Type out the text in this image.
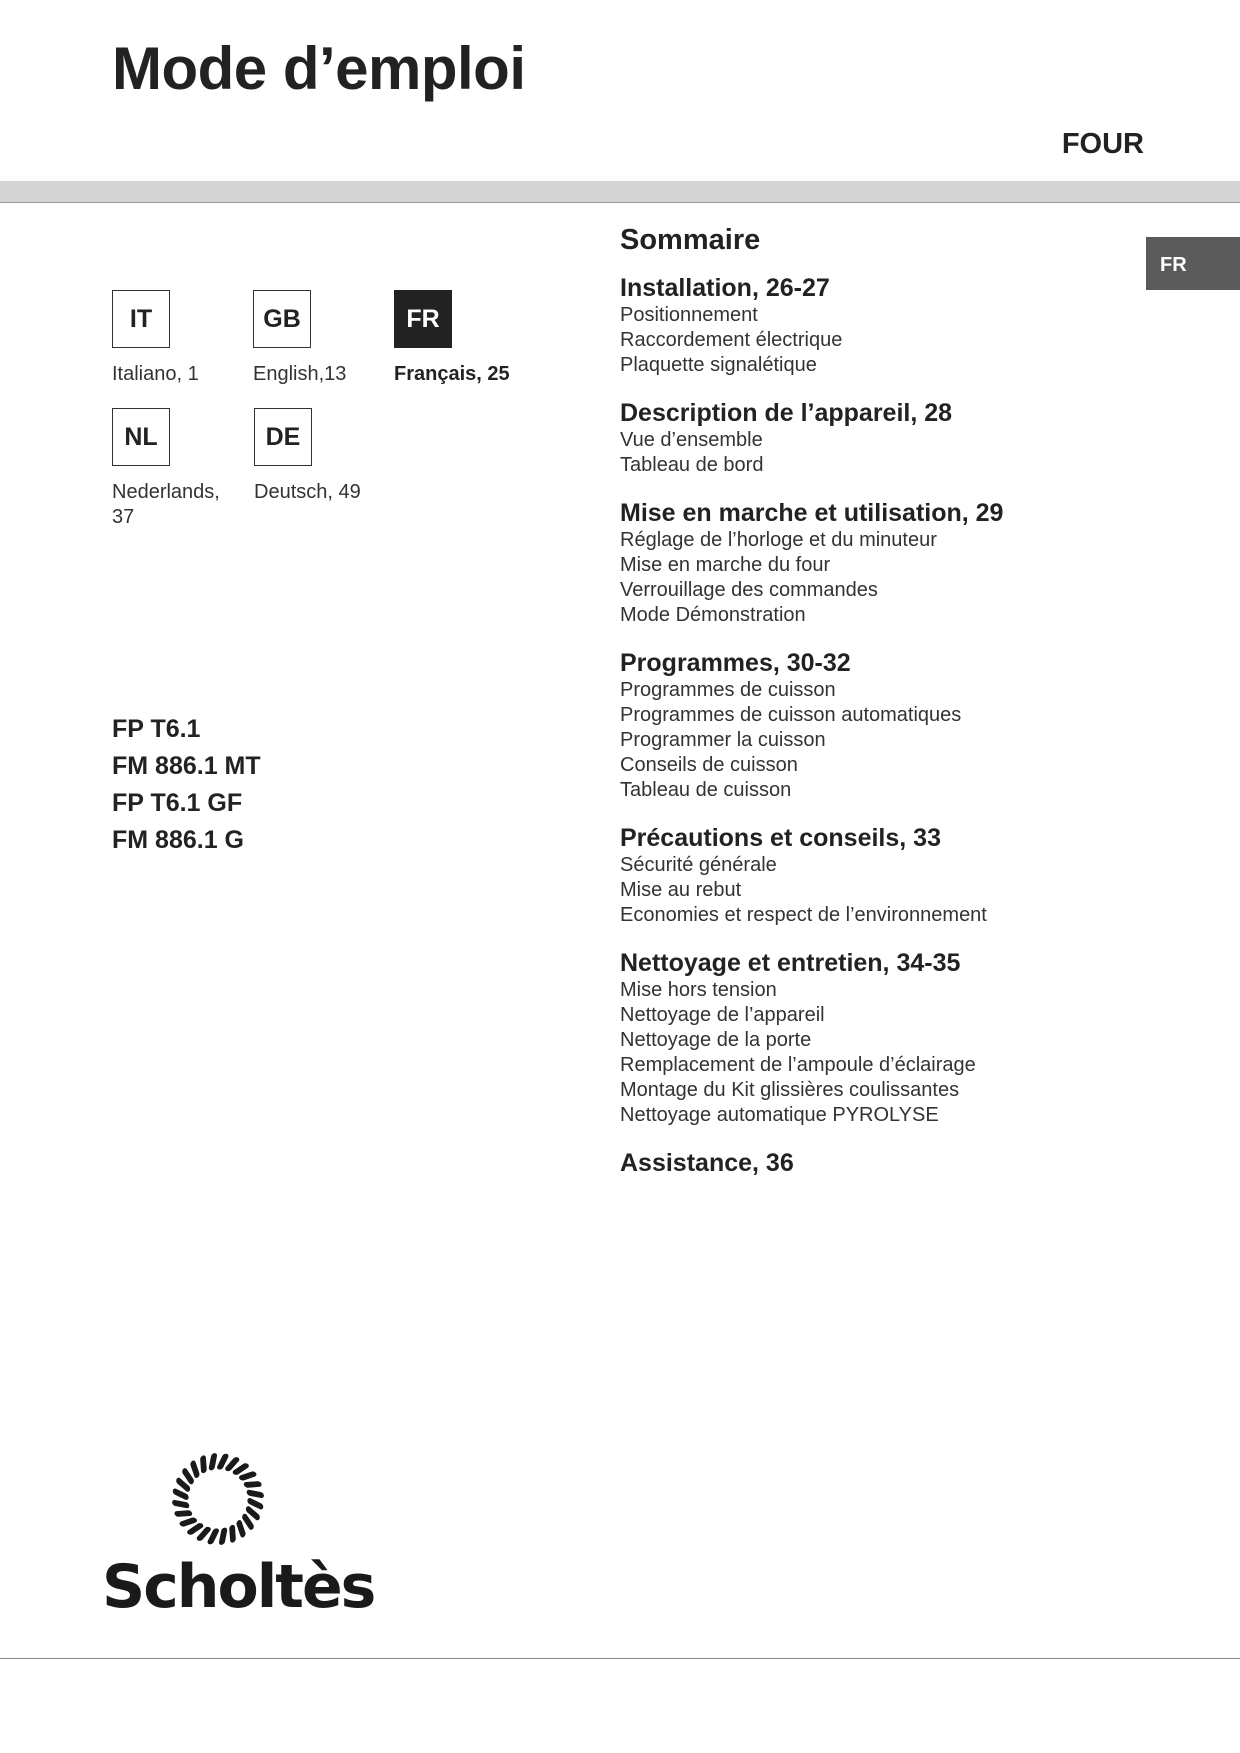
Mode d’emploi
FOUR
FR
IT
Italiano, 1
GB
English,13
FR
Français, 25
NL
Nederlands, 37
DE
Deutsch, 49
FP T6.1
FM 886.1 MT
FP T6.1 GF
FM 886.1 G
Sommaire
Installation, 26-27
Positionnement
Raccordement électrique
Plaquette signalétique
Description de l’appareil, 28
Vue d’ensemble
Tableau de bord
Mise en marche et utilisation, 29
Réglage de l’horloge et du minuteur
Mise en marche du four
Verrouillage des commandes
Mode Démonstration
Programmes, 30-32
Programmes de cuisson
Programmes de cuisson automatiques
Programmer la cuisson
Conseils de cuisson
Tableau de cuisson
Précautions et conseils, 33
Sécurité générale
Mise au rebut
Economies et respect de l’environnement
Nettoyage et entretien, 34-35
Mise hors tension
Nettoyage de l’appareil
Nettoyage de la porte
Remplacement de l’ampoule d’éclairage
Montage du Kit glissières coulissantes
Nettoyage automatique PYROLYSE
Assistance, 36
Scholtès
